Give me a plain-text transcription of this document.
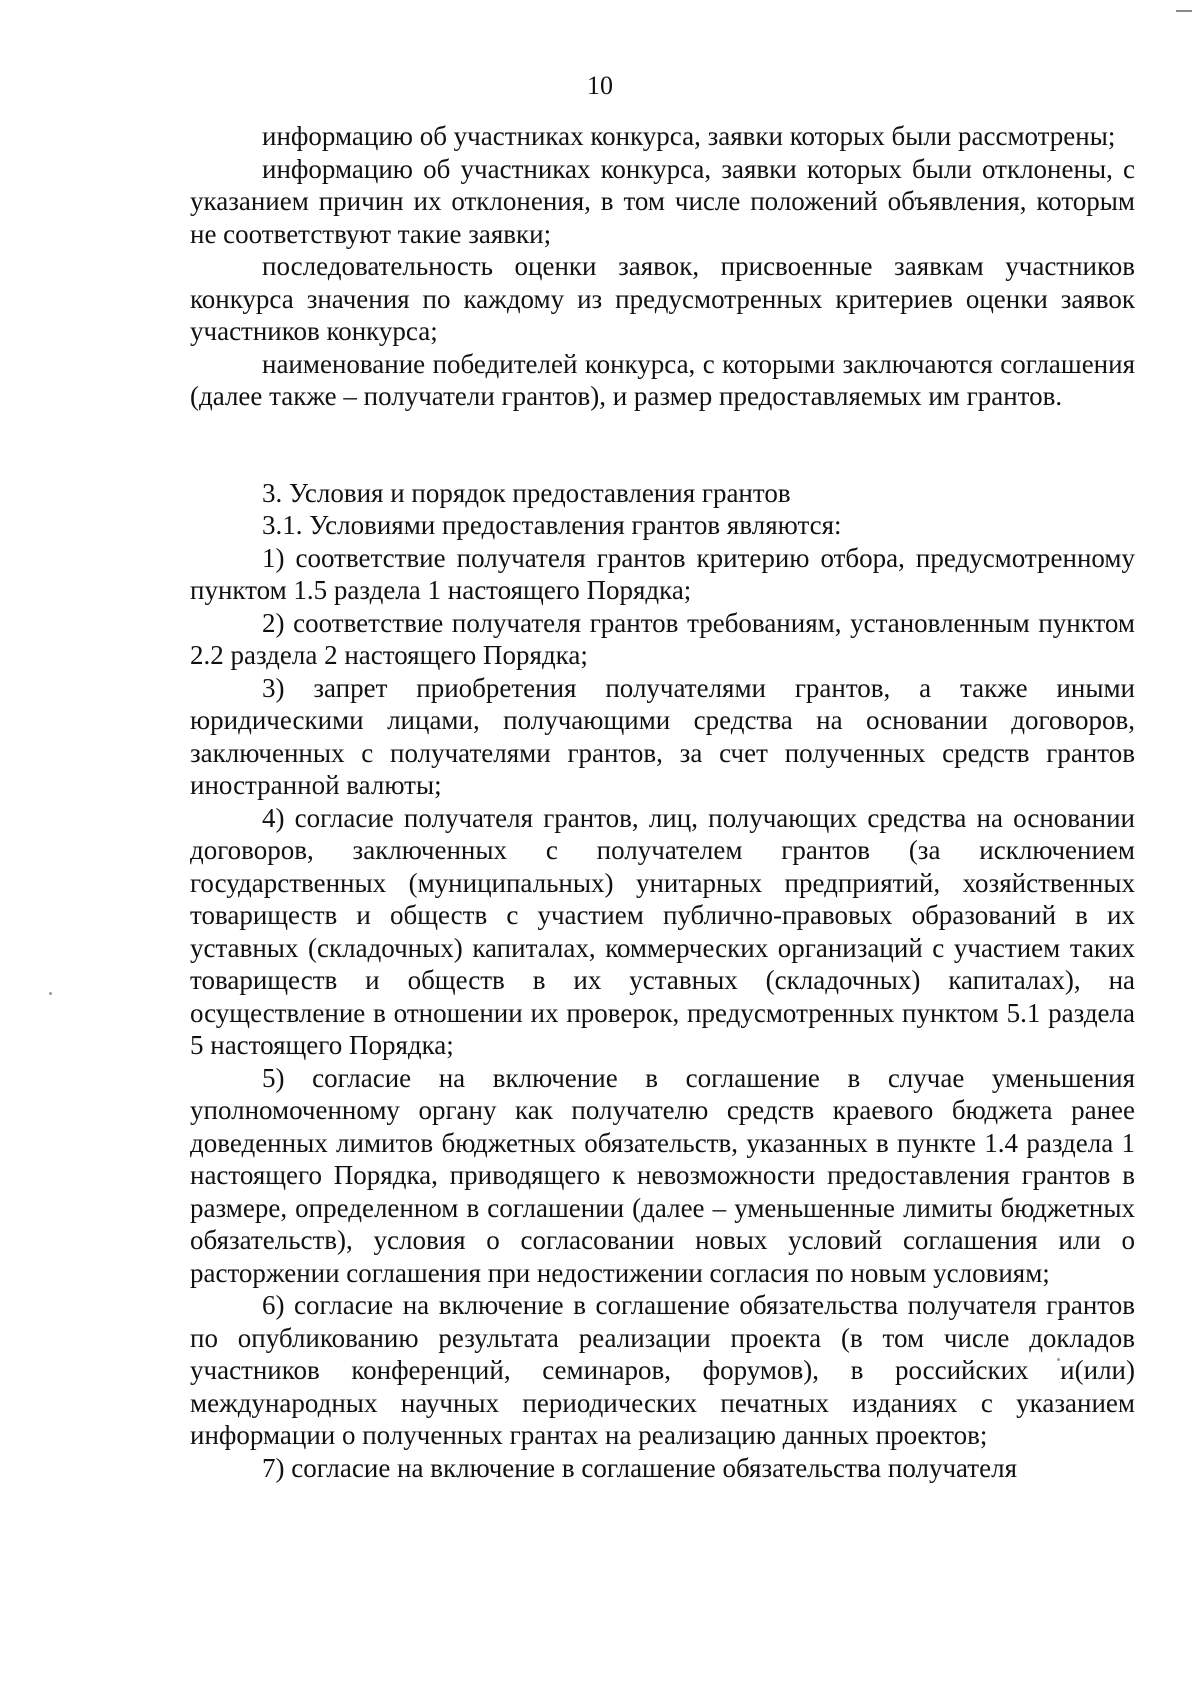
10

информацию об участниках конкурса, заявки которых были рассмотрены;

информацию об участниках конкурса, заявки которых были отклонены, с указанием причин их отклонения, в том числе положений объявления, которым не соответствуют такие заявки;

последовательность оценки заявок, присвоенные заявкам участников конкурса значения по каждому из предусмотренных критериев оценки заявок участников конкурса;

наименование победителей конкурса, с которыми заключаются соглашения (далее также – получатели грантов), и размер предоставляемых им грантов.

3. Условия и порядок предоставления грантов

3.1. Условиями предоставления грантов являются:

1) соответствие получателя грантов критерию отбора, предусмотренному пунктом 1.5 раздела 1 настоящего Порядка;

2) соответствие получателя грантов требованиям, установленным пунктом 2.2 раздела 2 настоящего Порядка;

3) запрет приобретения получателями грантов, а также иными юридическими лицами, получающими средства на основании договоров, заключенных с получателями грантов, за счет полученных средств грантов иностранной валюты;

4) согласие получателя грантов, лиц, получающих средства на основании договоров, заключенных с получателем грантов (за исключением государственных (муниципальных) унитарных предприятий, хозяйственных товариществ и обществ с участием публично-правовых образований в их уставных (складочных) капиталах, коммерческих организаций с участием таких товариществ и обществ в их уставных (складочных) капиталах), на осуществление в отношении их проверок, предусмотренных пунктом 5.1 раздела 5 настоящего Порядка;

5) согласие на включение в соглашение в случае уменьшения уполномоченному органу как получателю средств краевого бюджета ранее доведенных лимитов бюджетных обязательств, указанных в пункте 1.4 раздела 1 настоящего Порядка, приводящего к невозможности предоставления грантов в размере, определенном в соглашении (далее – уменьшенные лимиты бюджетных обязательств), условия о согласовании новых условий соглашения или о расторжении соглашения при недостижении согласия по новым условиям;

6) согласие на включение в соглашение обязательства получателя грантов по опубликованию результата реализации проекта (в том числе докладов участников конференций, семинаров, форумов), в российских и(или) международных научных периодических печатных изданиях с указанием информации о полученных грантах на реализацию данных проектов;

7) согласие на включение в соглашение обязательства получателя
